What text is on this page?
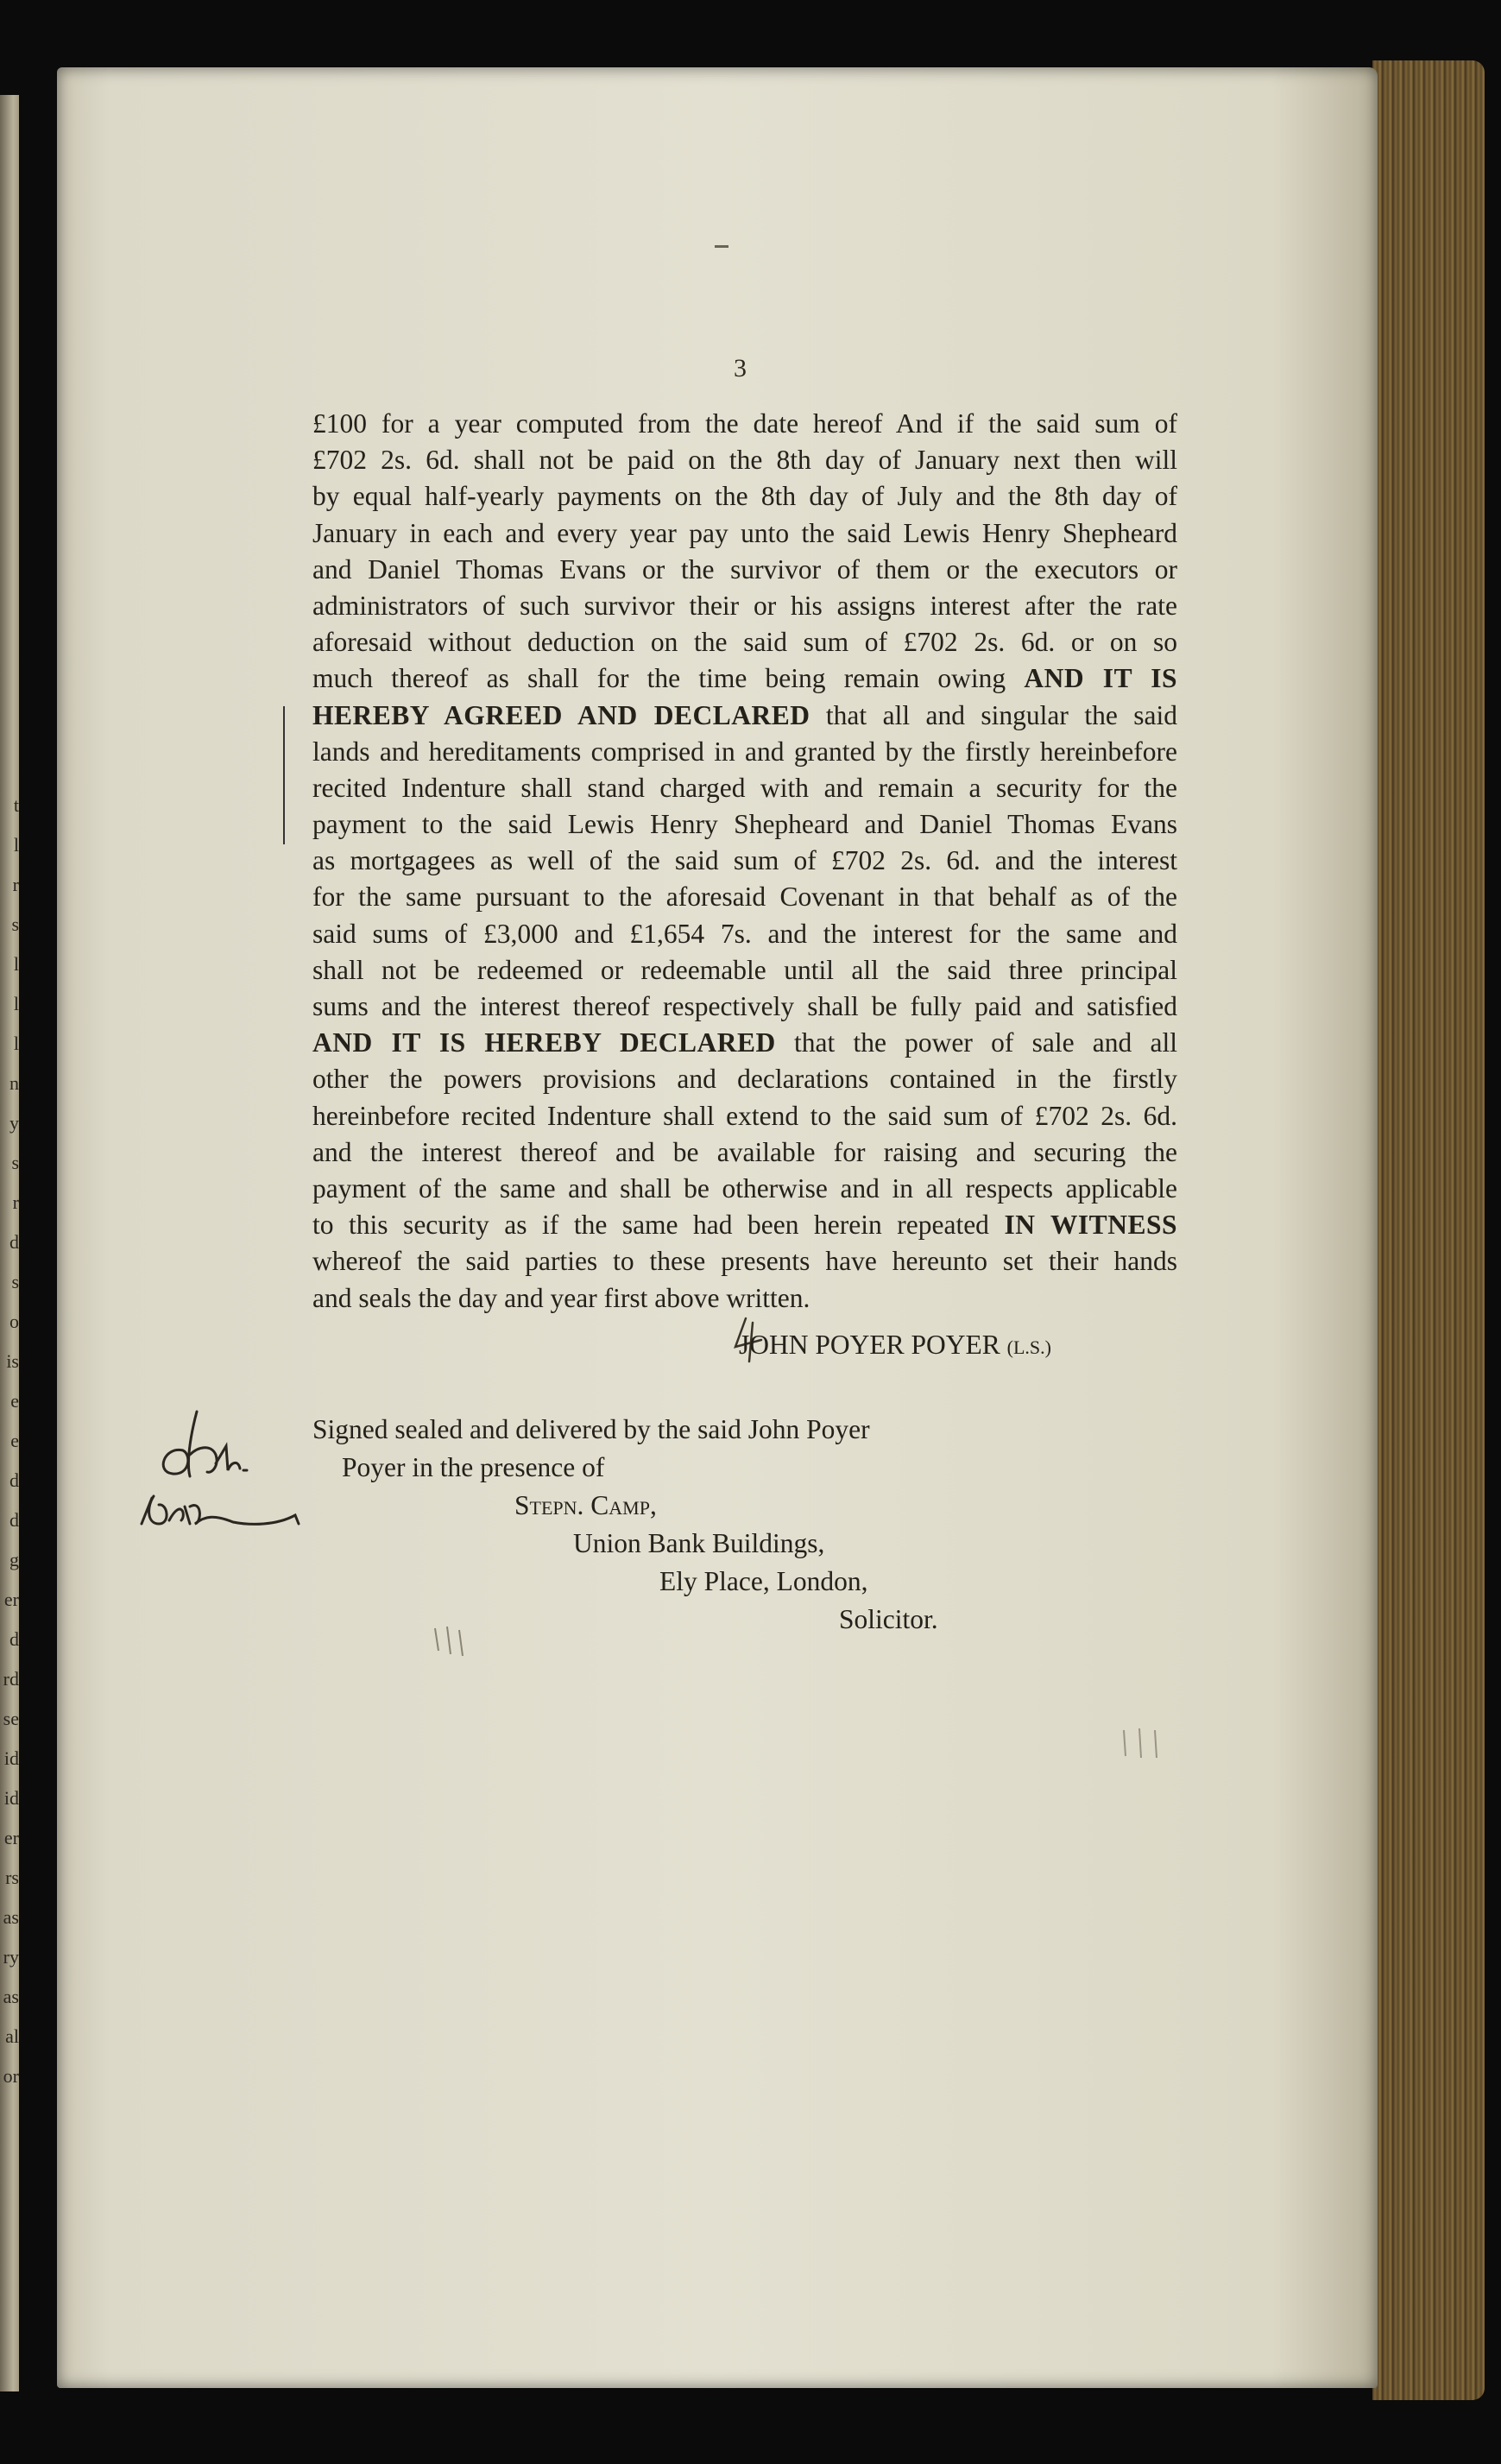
t
l
r
s
l
l
l
n
y
s
r
d
s
o
is
e
e
d
d
g
er
d
rd
se
id
id
er
rs
as
ry
as
al
or
3
£100 for a year computed from the date hereof And if the said sum of
£702 2s. 6d. shall not be paid on the 8th day of January next then will
by equal half-yearly payments on the 8th day of July and the 8th day of
January in each and every year pay unto the said Lewis Henry Shepheard
and Daniel Thomas Evans or the survivor of them or the executors or
administrators of such survivor their or his assigns interest after the rate
aforesaid without deduction on the said sum of £702 2s. 6d. or on so
much thereof as shall for the time being remain owing AND IT IS
HEREBY AGREED AND DECLARED that all and singular the said
lands and hereditaments comprised in and granted by the firstly hereinbefore
recited Indenture shall stand charged with and remain a security for the
payment to the said Lewis Henry Shepheard and Daniel Thomas Evans
as mortgagees as well of the said sum of £702 2s. 6d. and the interest
for the same pursuant to the aforesaid Covenant in that behalf as of the
said sums of £3,000 and £1,654 7s. and the interest for the same and
shall not be redeemed or redeemable until all the said three principal
sums and the interest thereof respectively shall be fully paid and satisfied
AND IT IS HEREBY DECLARED that the power of sale and all
other the powers provisions and declarations contained in the firstly
hereinbefore recited Indenture shall extend to the said sum of £702 2s. 6d.
and the interest thereof and be available for raising and securing the
payment of the same and shall be otherwise and in all respects applicable
to this security as if the same had been herein repeated IN WITNESS
whereof the said parties to these presents have hereunto set their hands
and seals the day and year first above written.
JOHN POYER POYER (L.S.)
Signed sealed and delivered by the said John Poyer
Poyer in the presence of
Stepn. Camp,
Union Bank Buildings,
Ely Place, London,
Solicitor.
